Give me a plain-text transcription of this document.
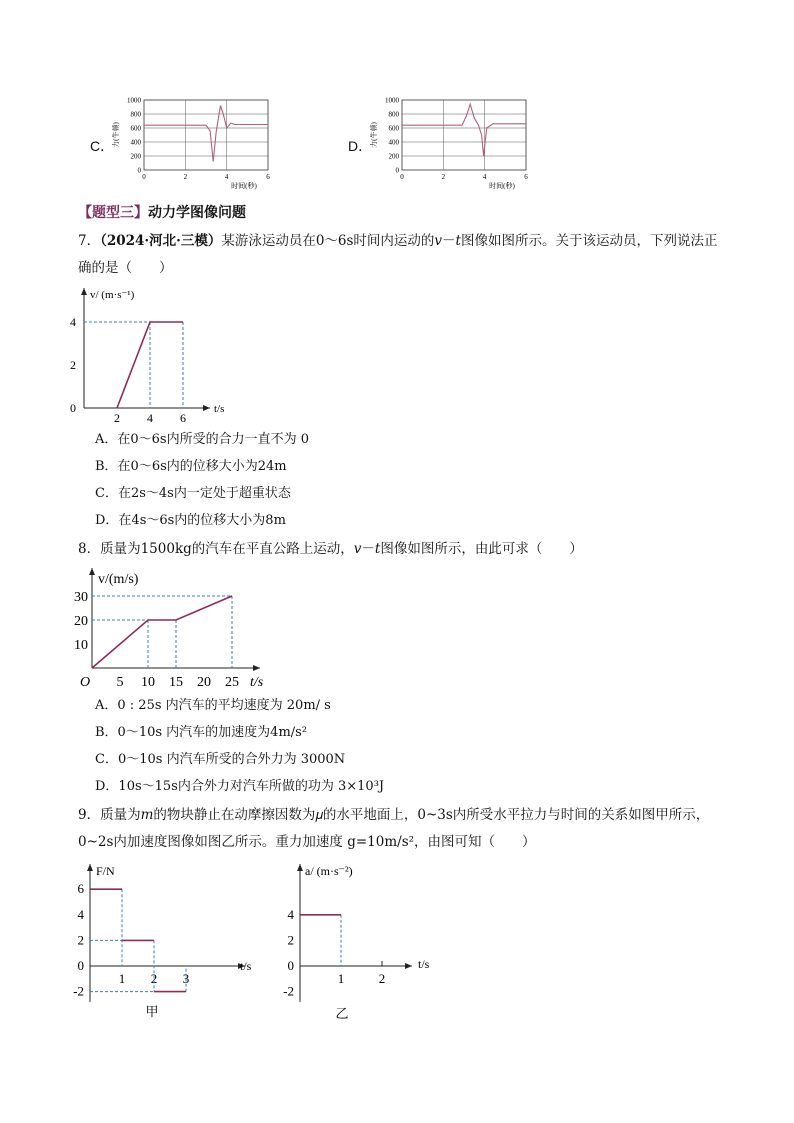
C．
0
200
400
600
800
1000
0	2	4	6
时间(秒)
力(牛顿)	D．
0
200
400
600
800
1000
0	2	4	6
时间(秒)
力(牛顿)
【题型三】动力学图像问题
7．（2024·河北·三模）某游泳运动员在0～6s时间内运动的𝑣－𝑡图像如图所示。关于该运动员，下列说法正
确的是（　　）
v/ (m·s⁻¹)
t/s
0
2
4
2 4 6
A．在0～6s内所受的合力一直不为 0
B．在0～6s内的位移大小为24m
C．在2s～4s内一定处于超重状态
D．在4s～6s内的位移大小为8m
8．质量为1500kg的汽车在平直公路上运动，𝑣－𝑡图像如图所示，由此可求（　　）
v/(m/s)
t/s
O
10
20
30
5 10 15 20 25
A．0 : 25s 内汽车的平均速度为 20m/ s
B．0～10s 内汽车的加速度为4m/s²
C．0～10s 内汽车所受的合外力为 3000N
D．10s～15s内合外力对汽车所做的功为 3×10³J
9．质量为𝑚的物块静止在动摩擦因数为𝜇的水平地面上，0~3s内所受水平拉力与时间的关系如图甲所示，
0~2s内加速度图像如图乙所示。重力加速度 g=10m/s²，由图可知（　　）
F/N
t/s
甲
-2
0
2
4
6
1 2 3
a/ (m·s⁻²)
t/s
乙
-2
0
2
4
1	2
